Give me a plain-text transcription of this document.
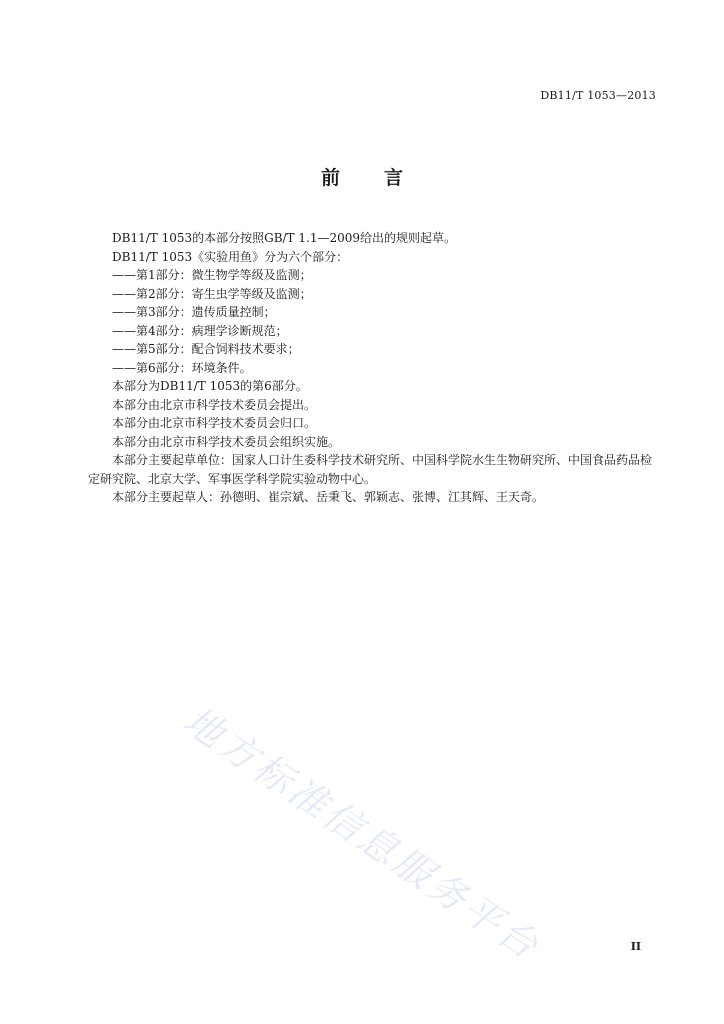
DB11/T 1053—2013
前 言

DB11/T 1053的本部分按照GB/T 1.1—2009给出的规则起草。

DB11/T 1053《实验用鱼》分为六个部分：

——第1部分：微生物学等级及监测；

——第2部分：寄生虫学等级及监测；

——第3部分：遗传质量控制；

——第4部分：病理学诊断规范；

——第5部分：配合饲料技术要求；

——第6部分：环境条件。

本部分为DB11/T 1053的第6部分。

本部分由北京市科学技术委员会提出。

本部分由北京市科学技术委员会归口。

本部分由北京市科学技术委员会组织实施。

本部分主要起草单位：国家人口计生委科学技术研究所、中国科学院水生生物研究所、中国食品药品检定研究院、北京大学、军事医学科学院实验动物中心。

本部分主要起草人：孙德明、崔宗斌、岳秉飞、郭颖志、张博、江其辉、王天奇。

地方标准信息服务平台	II
